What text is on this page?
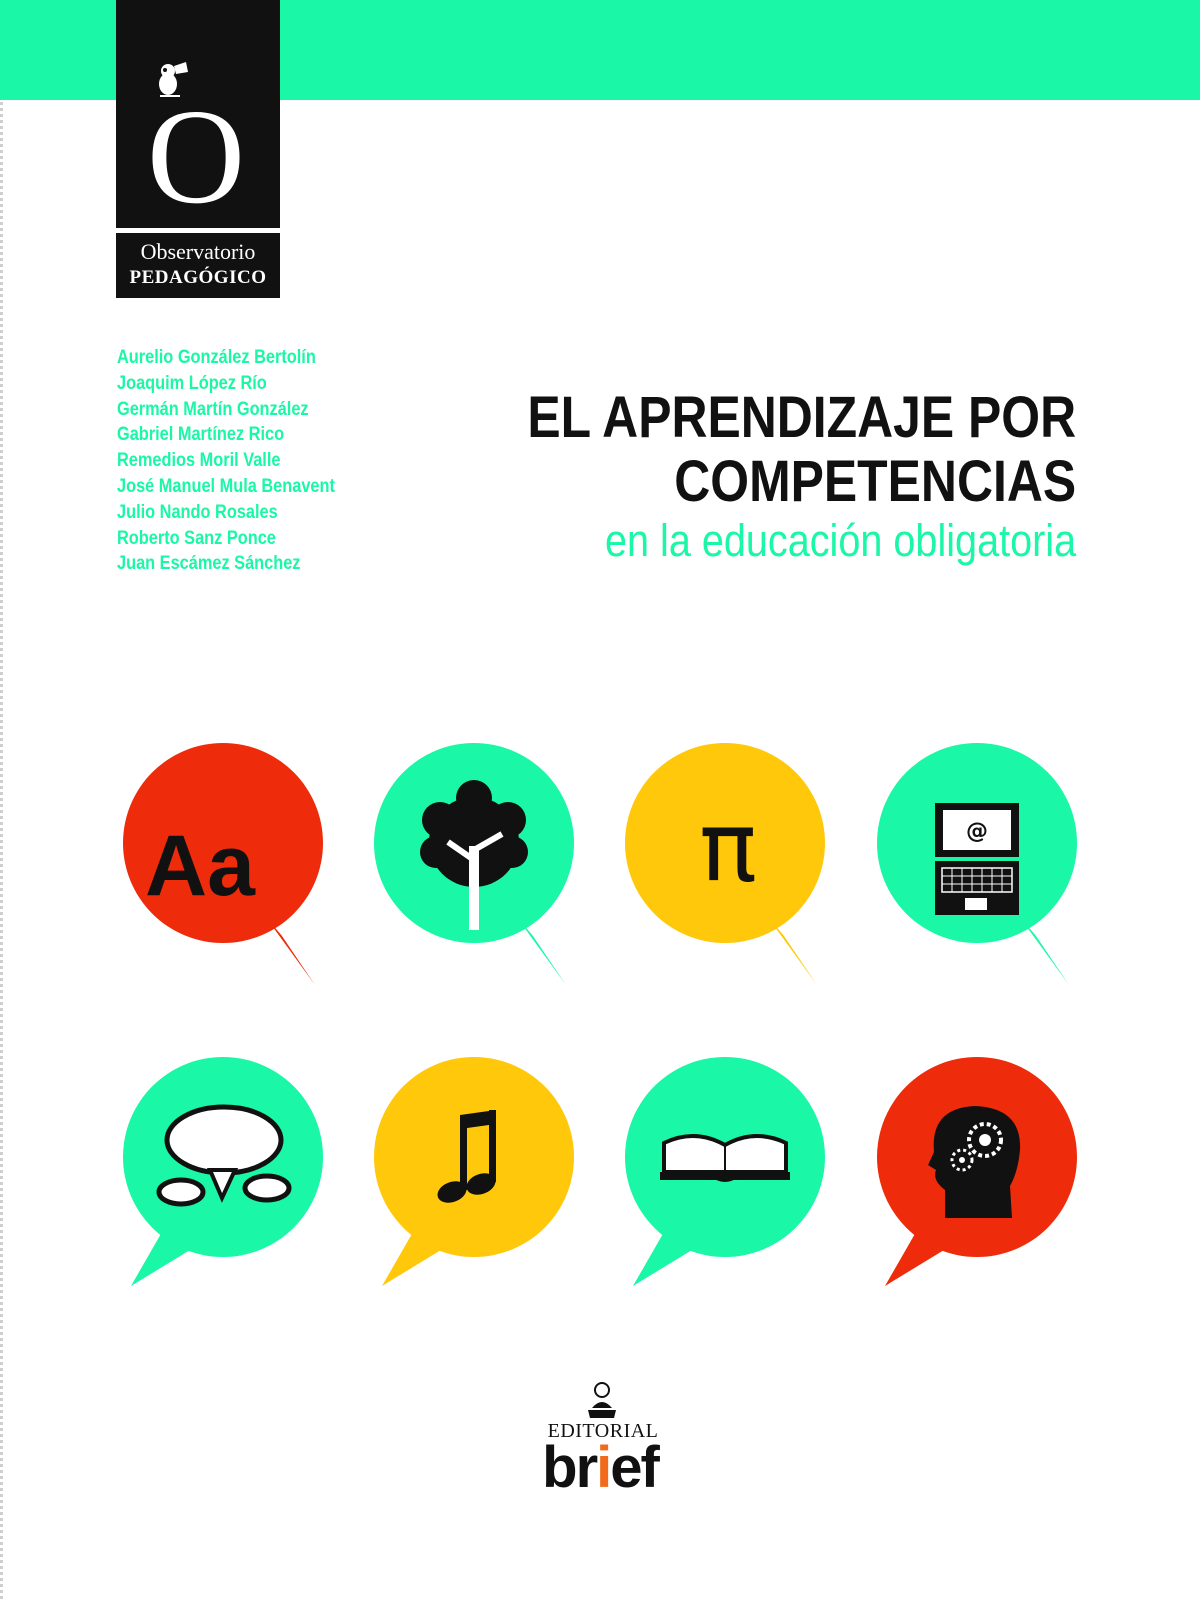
O
Observatorio
PEDAGÓGICO
Aurelio González Bertolín
Joaquim López Río
Germán Martín González
Gabriel Martínez Rico
Remedios Moril Valle
José Manuel Mula Benavent
Julio Nando Rosales
Roberto Sanz Ponce
Juan Escámez Sánchez
EL APRENDIZAJE POR
COMPETENCIAS
en la educación obligatoria
Aa	π	@
EDITORIAL
brief
